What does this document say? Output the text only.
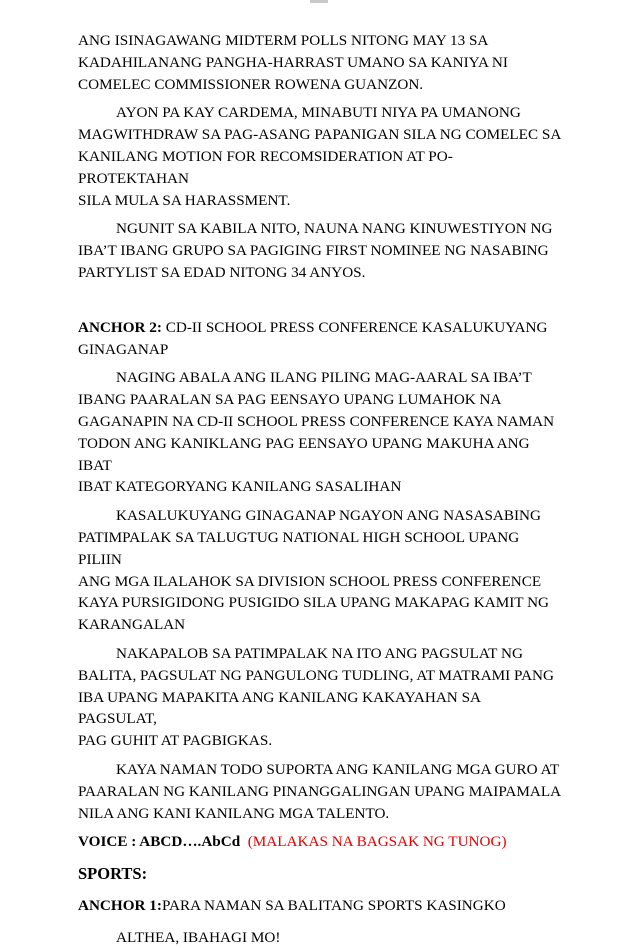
ANG ISINAGAWANG MIDTERM POLLS NITONG MAY 13 SA
KADAHILANANG PANGHA-HARRAST UMANO SA KANIYA NI
COMELEC COMMISSIONER ROWENA GUANZON.

AYON PA KAY CARDEMA, MINABUTI NIYA PA UMANONG
MAGWITHDRAW SA PAG-ASANG PAPANIGAN SILA NG COMELEC SA
KANILANG MOTION FOR RECOMSIDERATION AT PO-PROTEKTAHAN
SILA MULA SA HARASSMENT.

NGUNIT SA KABILA NITO, NAUNA NANG KINUWESTIYON NG
IBA’T IBANG GRUPO SA PAGIGING FIRST NOMINEE NG NASABING
PARTYLIST SA EDAD NITONG 34 ANYOS.

ANCHOR 2: CD-II SCHOOL PRESS CONFERENCE KASALUKUYANG
GINAGANAP

NAGING ABALA ANG ILANG PILING MAG-AARAL SA IBA’T
IBANG PAARALAN SA PAG EENSAYO UPANG LUMAHOK NA
GAGANAPIN NA CD-II SCHOOL PRESS CONFERENCE KAYA NAMAN
TODON ANG KANIKLANG PAG EENSAYO UPANG MAKUHA ANG IBAT
IBAT KATEGORYANG KANILANG SASALIHAN

KASALUKUYANG GINAGANAP NGAYON ANG NASASABING
PATIMPALAK SA TALUGTUG NATIONAL HIGH SCHOOL UPANG PILIIN
ANG MGA ILALAHOK SA DIVISION SCHOOL PRESS CONFERENCE
KAYA PURSIGIDONG PUSIGIDO SILA UPANG MAKAPAG KAMIT NG
KARANGALAN

NAKAPALOB SA PATIMPALAK NA ITO ANG PAGSULAT NG
BALITA, PAGSULAT NG PANGULONG TUDLING, AT MATRAMI PANG
IBA UPANG MAPAKITA ANG KANILANG KAKAYAHAN SA PAGSULAT,
PAG GUHIT AT PAGBIGKAS.

KAYA NAMAN TODO SUPORTA ANG KANILANG MGA GURO AT
PAARALAN NG KANILANG PINANGGALINGAN UPANG MAIPAMALA
NILA ANG KANI KANILANG MGA TALENTO.

VOICE : ABCD….AbCd (MALAKAS NA BAGSAK NG TUNOG)

SPORTS:

ANCHOR 1:PARA NAMAN SA BALITANG SPORTS KASINGKO

ALTHEA, IBAHAGI MO!
